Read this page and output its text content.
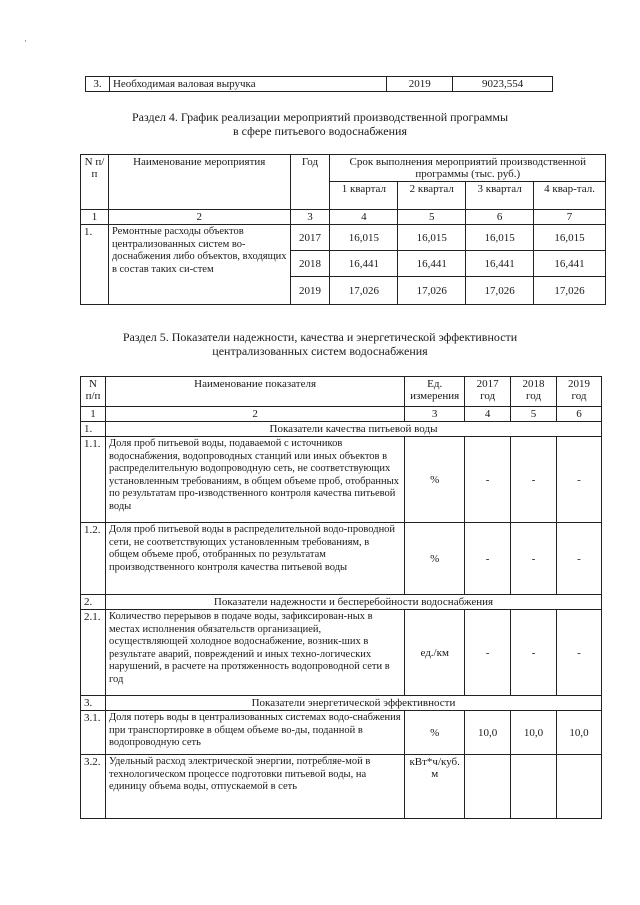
·
3.	Необходимая валовая выручка	2019	9023,554
Раздел 4. График реализации мероприятий производственной программы
в сфере питьевого водоснабжения
N п/п	Наименование мероприятия	Год	Срок выполнения мероприятий производственной программы (тыс. руб.)			
			1 квартал	2 квартал	3 квартал	4 квар-тал.
1	2	3	4	5	6	7
1.	Ремонтные расходы объектов централизованных систем во-доснабжения либо объектов, входящих в состав таких си-стем	2017	16,015	16,015	16,015	16,015
		2018	16,441	16,441	16,441	16,441
		2019	17,026	17,026	17,026	17,026
Раздел 5. Показатели надежности, качества и энергетической эффективности
централизованных систем водоснабжения
N п/п	Наименование показателя	Ед. измерения	2017 год	2018 год	2019 год
1	2	3	4	5	6
1.	Показатели качества питьевой воды				
1.1.	Доля проб питьевой воды, подаваемой с источников водоснабжения, водопроводных станций или иных объектов в распределительную водопроводную сеть, не соответствующих установленным требованиям, в общем объеме проб, отобранных по результатам про-изводственного контроля качества питьевой воды	%	-	-	-
1.2.	Доля проб питьевой воды в распределительной водо-проводной сети, не соответствующих установленным требованиям, в общем объеме проб, отобранных по результатам производственного контроля качества питьевой воды	%	-	-	-
2.	Показатели надежности и бесперебойности водоснабжения				
2.1.	Количество перерывов в подаче воды, зафиксирован-ных в местах исполнения обязательств организацией, осуществляющей холодное водоснабжение, возник-ших в результате аварий, повреждений и иных техно-логических нарушений, в расчете на протяженность водопроводной сети в год	ед./км	-	-	-
3.	Показатели энергетической эффективности				
3.1.	Доля потерь воды в централизованных системах водо-снабжения при транспортировке в общем объеме во-ды, поданной в водопроводную сеть	%	10,0	10,0	10,0
3.2.	Удельный расход электрической энергии, потребляе-мой в технологическом процессе подготовки питьевой воды, на единицу объема воды, отпускаемой в сеть	кВт*ч/куб. м			
